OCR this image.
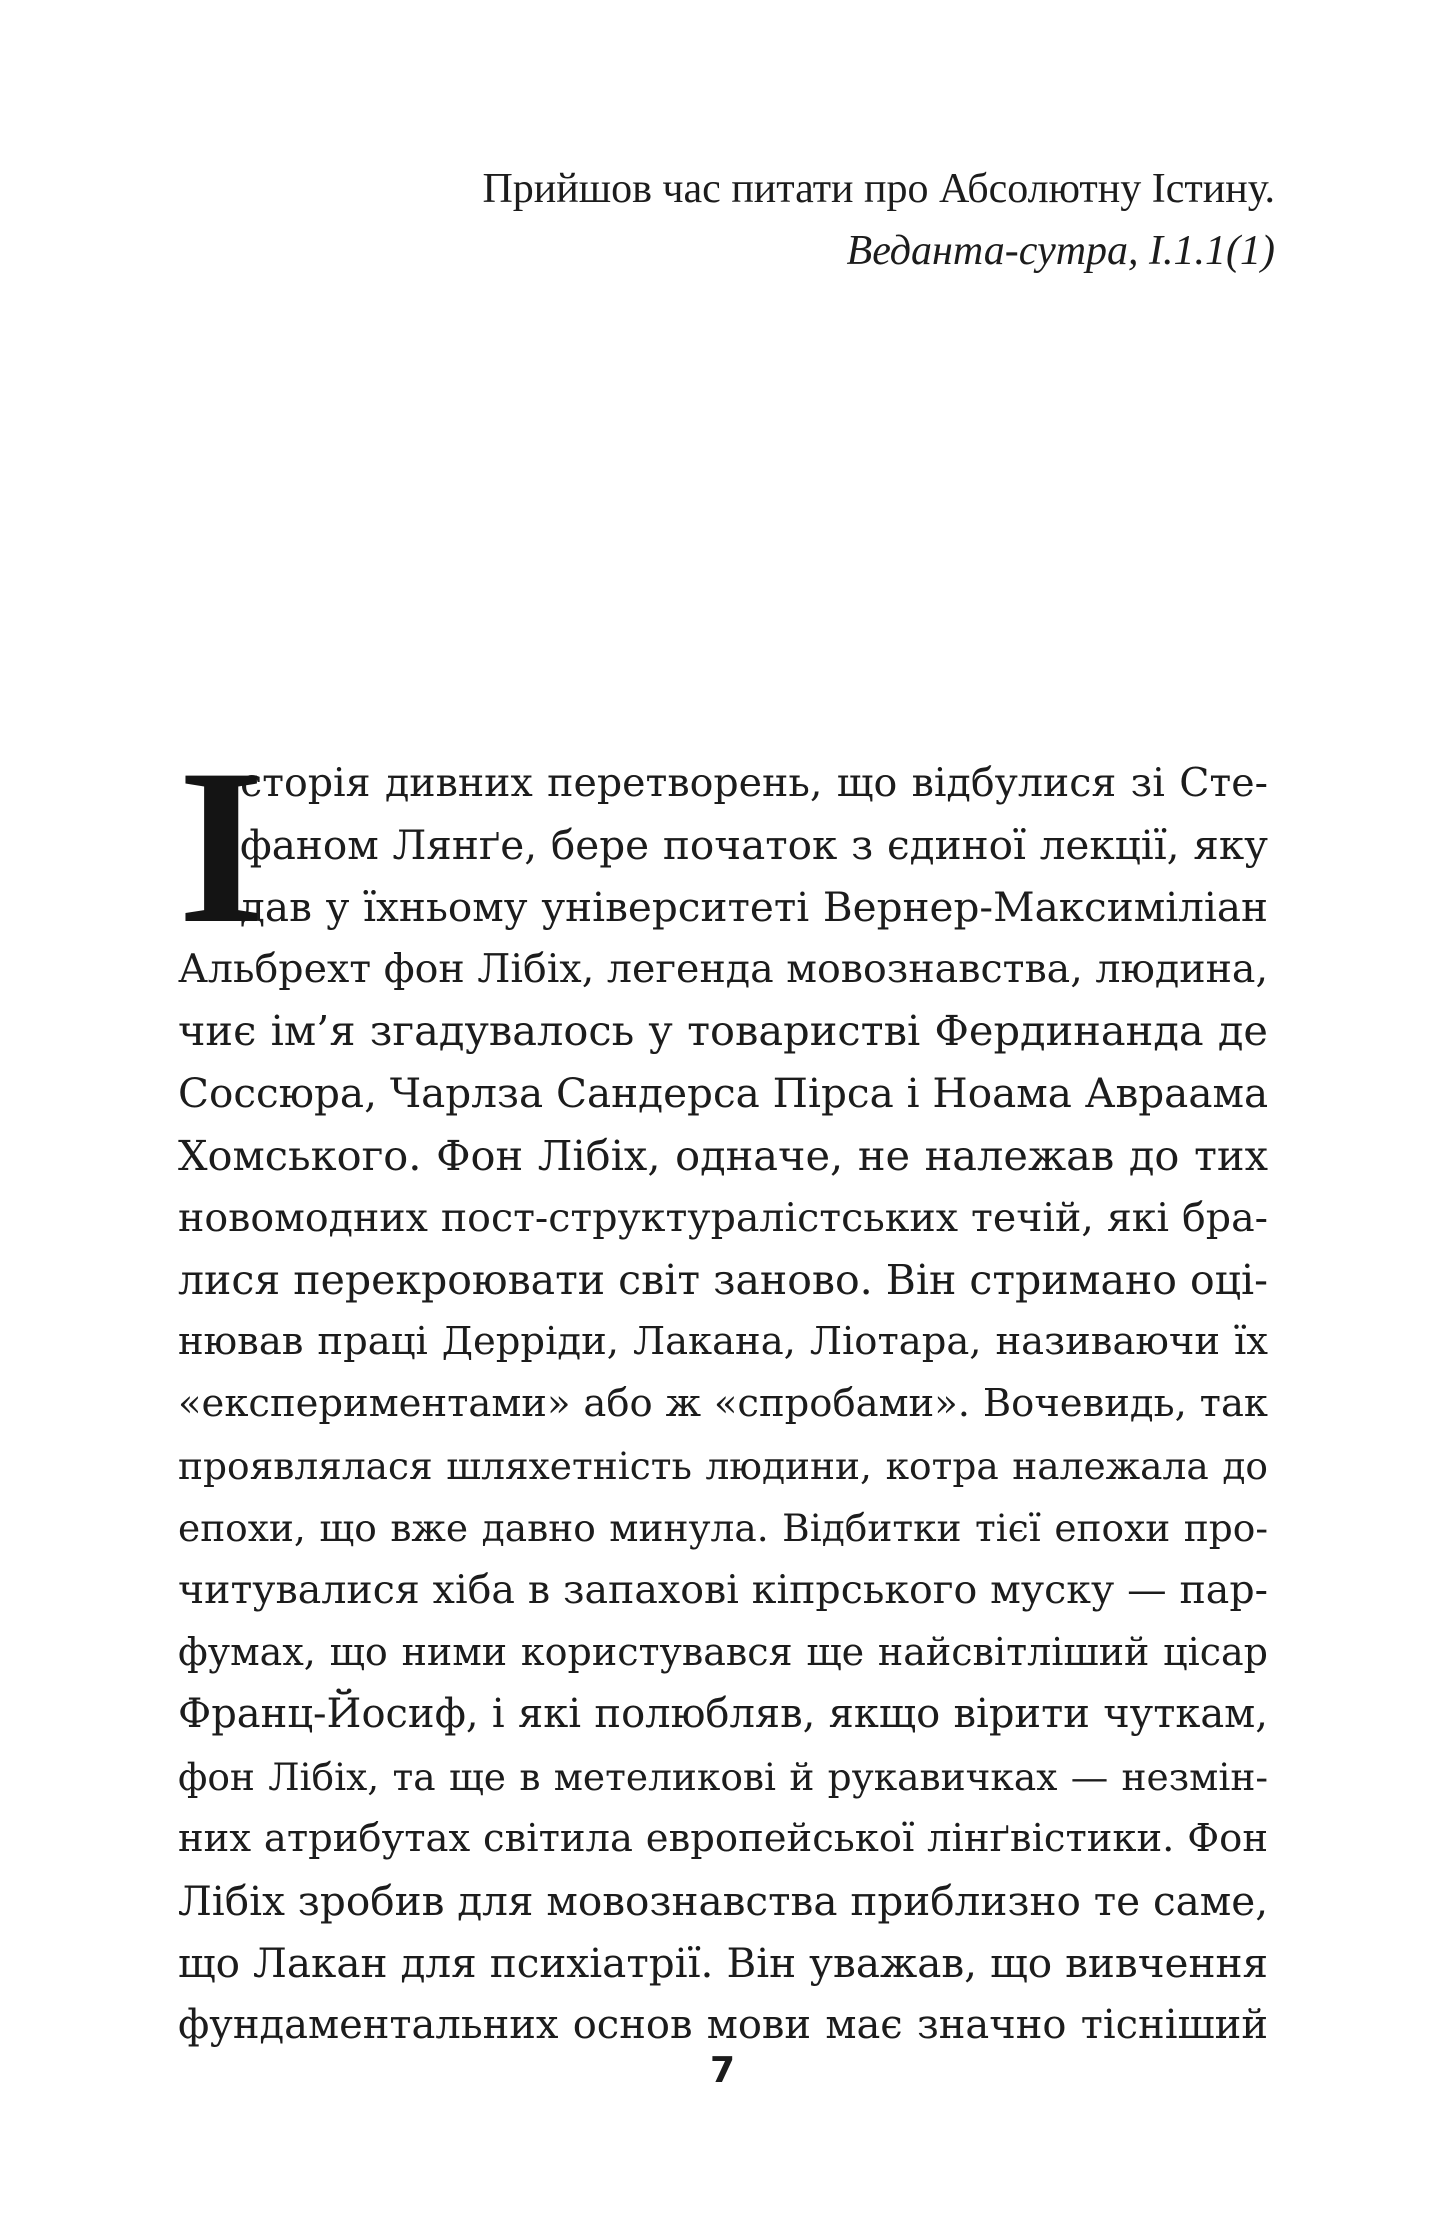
Прийшов час питати про Абсолютну Істину.
Веданта-сутра, І.1.1(1)
І
сторія дивних перетворень, що відбулися зі Сте-
фаном Лянґе, бере початок з єдиної лекції, яку
дав у їхньому університеті Вернер-Максиміліан
Альбрехт фон Лібіх, легенда мовознавства, людина,
чиє ім’я згадувалось у товаристві Фердинанда де
Соссюра, Чарлза Сандерса Пірса і Ноама Авраама
Хомського. Фон Лібіх, одначе, не належав до тих
новомодних пост-структуралістських течій, які бра-
лися перекроювати світ заново. Він стримано оці-
нював праці Дерріди, Лакана, Ліотара, називаючи їх
«експериментами» або ж «спробами». Вочевидь, так
проявлялася шляхетність людини, котра належала до
епохи, що вже давно минула. Відбитки тієї епохи про-
читувалися хіба в запахові кіпрського муску — пар-
фумах, що ними користувався ще найсвітліший цісар
Франц-Йосиф, і які полюбляв, якщо вірити чуткам,
фон Лібіх, та ще в метеликові й рукавичках — незмін-
них атрибутах світила европейської лінґвістики. Фон
Лібіх зробив для мовознавства приблизно те саме,
що Лакан для психіатрії. Він уважав, що вивчення
фундаментальних основ мови має значно тісніший
7
